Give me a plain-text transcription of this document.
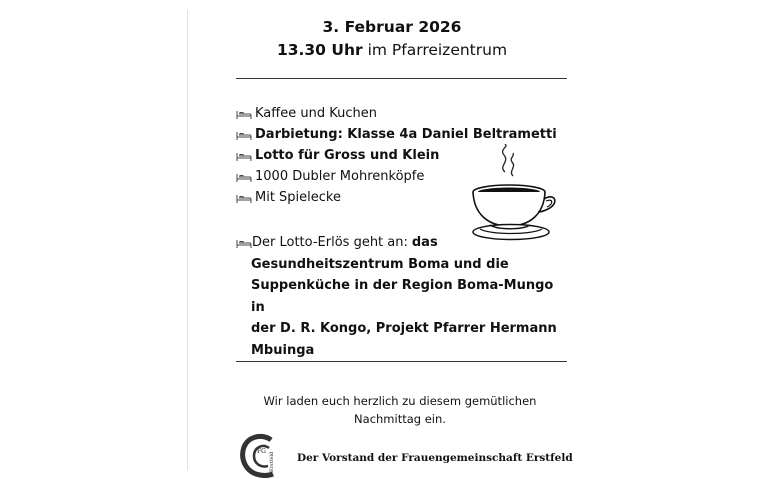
3. Februar 2026
13.30 Uhr im Pfarreizentrum
Kaffee und Kuchen
Darbietung: Klasse 4a Daniel Beltrametti
Lotto für Gross und Klein
1000 Dubler Mohrenköpfe
Mit Spielecke
Der Lotto-Erlös geht an: das
Gesundheitszentrum Boma und die
Suppenküche in der Region Boma-Mungo in
der D. R. Kongo, Projekt Pfarrer Hermann
Mbuinga
Wir laden euch herzlich zu diesem gemütlichen
Nachmittag ein.
FG
Erstfeld Der Vorstand der Frauengemeinschaft Erstfeld
